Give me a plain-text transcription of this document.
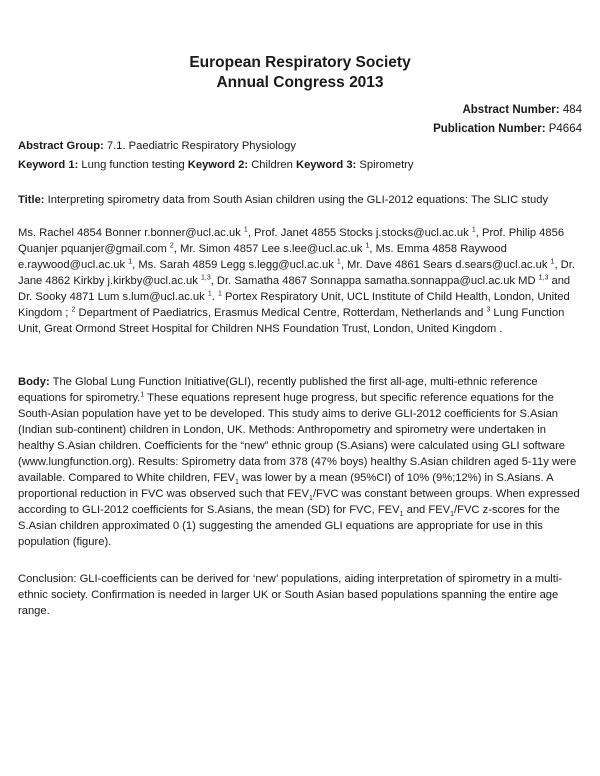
European Respiratory Society
Annual Congress 2013
Abstract Number: 484
Publication Number: P4664
Abstract Group: 7.1. Paediatric Respiratory Physiology
Keyword 1: Lung function testing Keyword 2: Children Keyword 3: Spirometry
Title: Interpreting spirometry data from South Asian children using the GLI-2012 equations: The SLIC study
Ms. Rachel 4854 Bonner r.bonner@ucl.ac.uk $^1$, Prof. Janet 4855 Stocks j.stocks@ucl.ac.uk $^1$, Prof. Philip 4856 Quanjer pquanjer@gmail.com $^2$, Mr. Simon 4857 Lee s.lee@ucl.ac.uk $^1$, Ms. Emma 4858 Raywood e.raywood@ucl.ac.uk $^1$, Ms. Sarah 4859 Legg s.legg@ucl.ac.uk $^1$, Mr. Dave 4861 Sears d.sears@ucl.ac.uk $^1$, Dr. Jane 4862 Kirkby j.kirkby@ucl.ac.uk $^{1,3}$, Dr. Samatha 4867 Sonnappa samatha.sonnappa@ucl.ac.uk MD $^{1,3}$ and Dr. Sooky 4871 Lum s.lum@ucl.ac.uk $^1$. $^1$ Portex Respiratory Unit, UCL Institute of Child Health, London, United Kingdom ; $^2$ Department of Paediatrics, Erasmus Medical Centre, Rotterdam, Netherlands and $^3$ Lung Function Unit, Great Ormond Street Hospital for Children NHS Foundation Trust, London, United Kingdom .
Body: The Global Lung Function Initiative(GLI), recently published the first all-age, multi-ethnic reference equations for spirometry.$^1$ These equations represent huge progress, but specific reference equations for the South-Asian population have yet to be developed. This study aims to derive GLI-2012 coefficients for S.Asian (Indian sub-continent) children in London, UK. Methods: Anthropometry and spirometry were undertaken in healthy S.Asian children. Coefficients for the “new” ethnic group (S.Asians) were calculated using GLI software (www.lungfunction.org). Results: Spirometry data from 378 (47% boys) healthy S.Asian children aged 5-11y were available. Compared to White children, $FEV_1$ was lower by a mean (95%CI) of 10% (9%;12%) in S.Asians. A proportional reduction in FVC was observed such that $FEV_1$/FVC was constant between groups. When expressed according to GLI-2012 coefficients for S.Asians, the mean (SD) for FVC, $FEV_1$ and $FEV_1$/FVC z-scores for the S.Asian children approximated 0 (1) suggesting the amended GLI equations are appropriate for use in this population (figure).
Conclusion: GLI-coefficients can be derived for ‘new’ populations, aiding interpretation of spirometry in a multi-ethnic society. Confirmation is needed in larger UK or South Asian based populations spanning the entire age range.
